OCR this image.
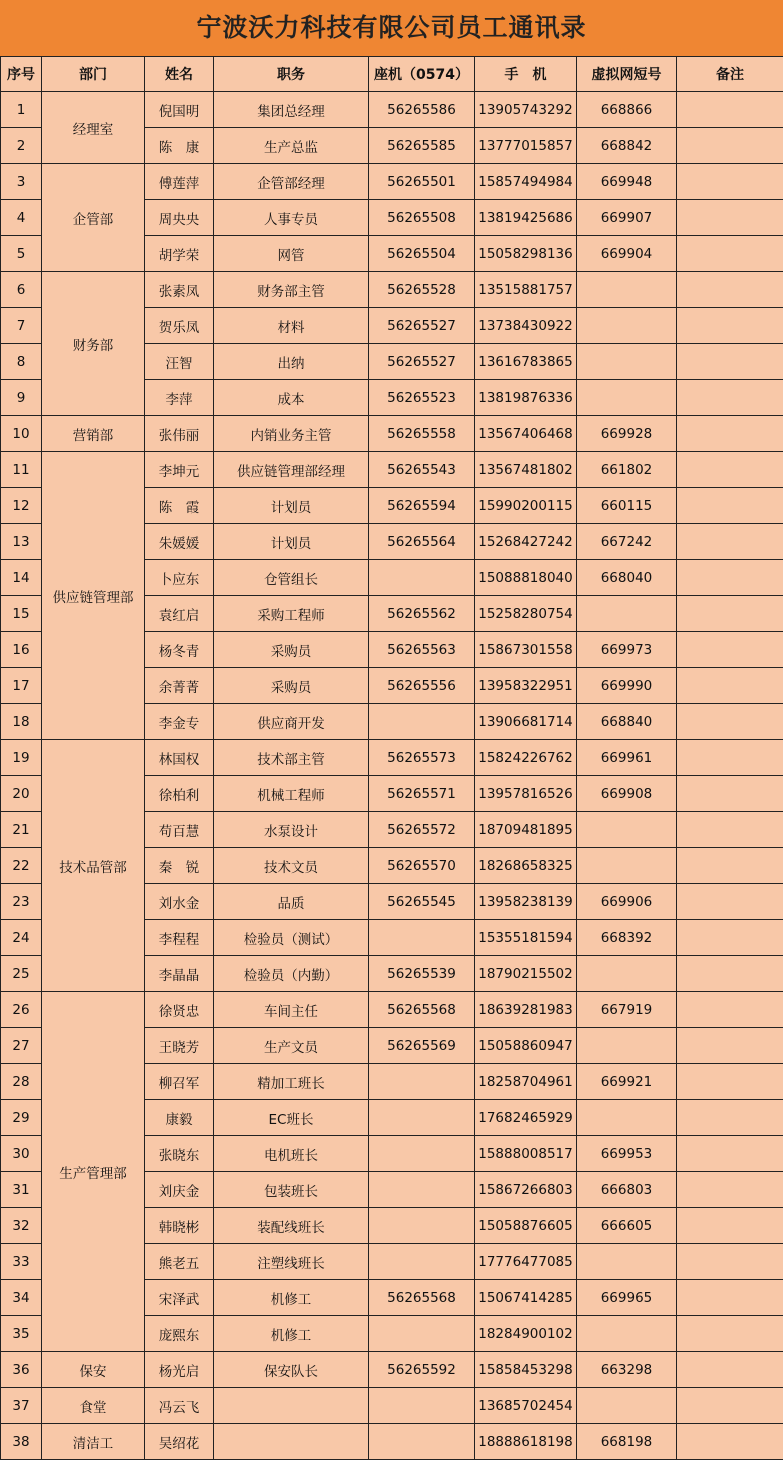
宁波沃力科技有限公司员工通讯录
序号	部门	姓名	职务	座机（0574）	手　机	虚拟网短号	备注
1	经理室	倪国明	集团总经理	56265586	13905743292	668866	
2		陈　康	生产总监	56265585	13777015857	668842	
3	企管部	傅莲萍	企管部经理	56265501	15857494984	669948	
4		周央央	人事专员	56265508	13819425686	669907	
5		胡学荣	网管	56265504	15058298136	669904	
6	财务部	张素凤	财务部主管	56265528	13515881757		
7		贺乐凤	材料	56265527	13738430922		
8		汪智	出纳	56265527	13616783865		
9		李萍	成本	56265523	13819876336		
10	营销部	张伟丽	内销业务主管	56265558	13567406468	669928	
11	供应链管理部	李坤元	供应链管理部经理	56265543	13567481802	661802	
12		陈　霞	计划员	56265594	15990200115	660115	
13		朱媛媛	计划员	56265564	15268427242	667242	
14		卜应东	仓管组长		15088818040	668040	
15		袁红启	采购工程师	56265562	15258280754		
16		杨冬青	采购员	56265563	15867301558	669973	
17		余菁菁	采购员	56265556	13958322951	669990	
18		李金专	供应商开发		13906681714	668840	
19	技术品管部	林国权	技术部主管	56265573	15824226762	669961	
20		徐柏利	机械工程师	56265571	13957816526	669908	
21		苟百慧	水泵设计	56265572	18709481895		
22		秦　锐	技术文员	56265570	18268658325		
23		刘水金	品质	56265545	13958238139	669906	
24		李程程	检验员（测试）		15355181594	668392	
25		李晶晶	检验员（内勤）	56265539	18790215502		
26	生产管理部	徐贤忠	车间主任	56265568	18639281983	667919	
27		王晓芳	生产文员	56265569	15058860947		
28		柳召军	精加工班长		18258704961	669921	
29		康毅	EC班长		17682465929		
30		张晓东	电机班长		15888008517	669953	
31		刘庆金	包装班长		15867266803	666803	
32		韩晓彬	装配线班长		15058876605	666605	
33		熊老五	注塑线班长		17776477085		
34		宋泽武	机修工	56265568	15067414285	669965	
35		庞熙东	机修工		18284900102		
36	保安	杨光启	保安队长	56265592	15858453298	663298	
37	食堂	冯云飞			13685702454		
38	清洁工	吴绍花			18888618198	668198	
